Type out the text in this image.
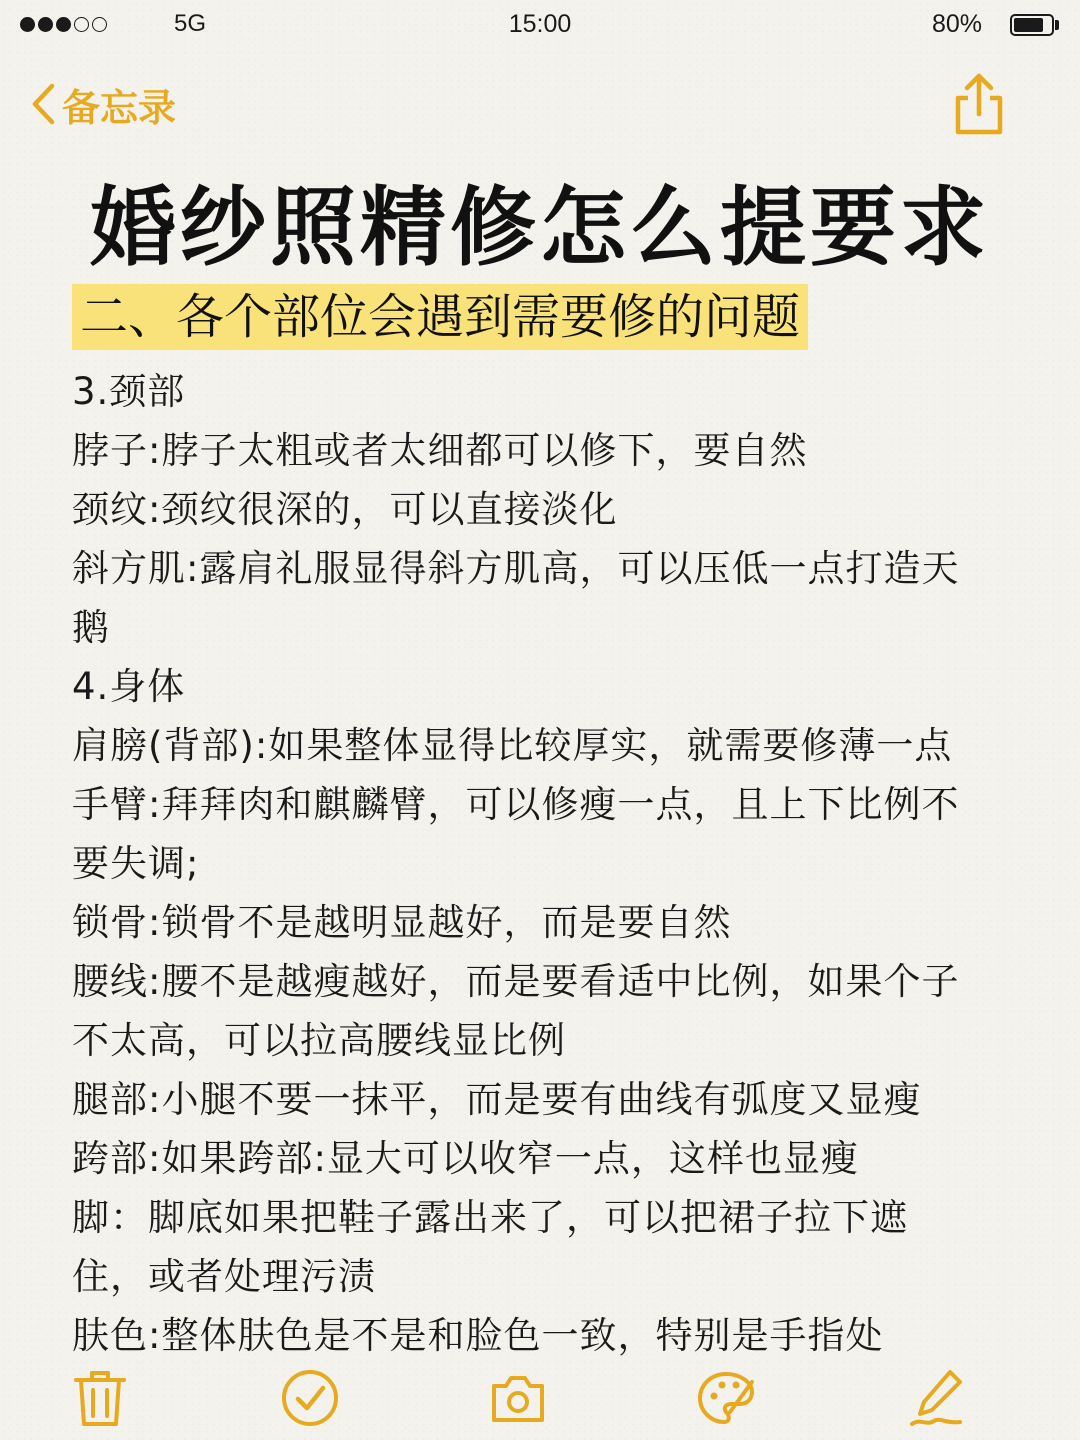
5G	15:00	80%
备忘录
婚纱照精修怎么提要求
二、各个部位会遇到需要修的问题
3.颈部
脖子:脖子太粗或者太细都可以修下，要自然
颈纹:颈纹很深的，可以直接淡化
斜方肌:露肩礼服显得斜方肌高，可以压低一点打造天
鹅
4.身体
肩膀(背部):如果整体显得比较厚实，就需要修薄一点
手臂:拜拜肉和麒麟臂，可以修瘦一点，且上下比例不
要失调;
锁骨:锁骨不是越明显越好，而是要自然
腰线:腰不是越瘦越好，而是要看适中比例，如果个子
不太高，可以拉高腰线显比例
腿部:小腿不要一抹平，而是要有曲线有弧度又显瘦
跨部:如果跨部:显大可以收窄一点，这样也显瘦
脚：脚底如果把鞋子露出来了，可以把裙子拉下遮
住，或者处理污渍
肤色:整体肤色是不是和脸色一致，特别是手指处
